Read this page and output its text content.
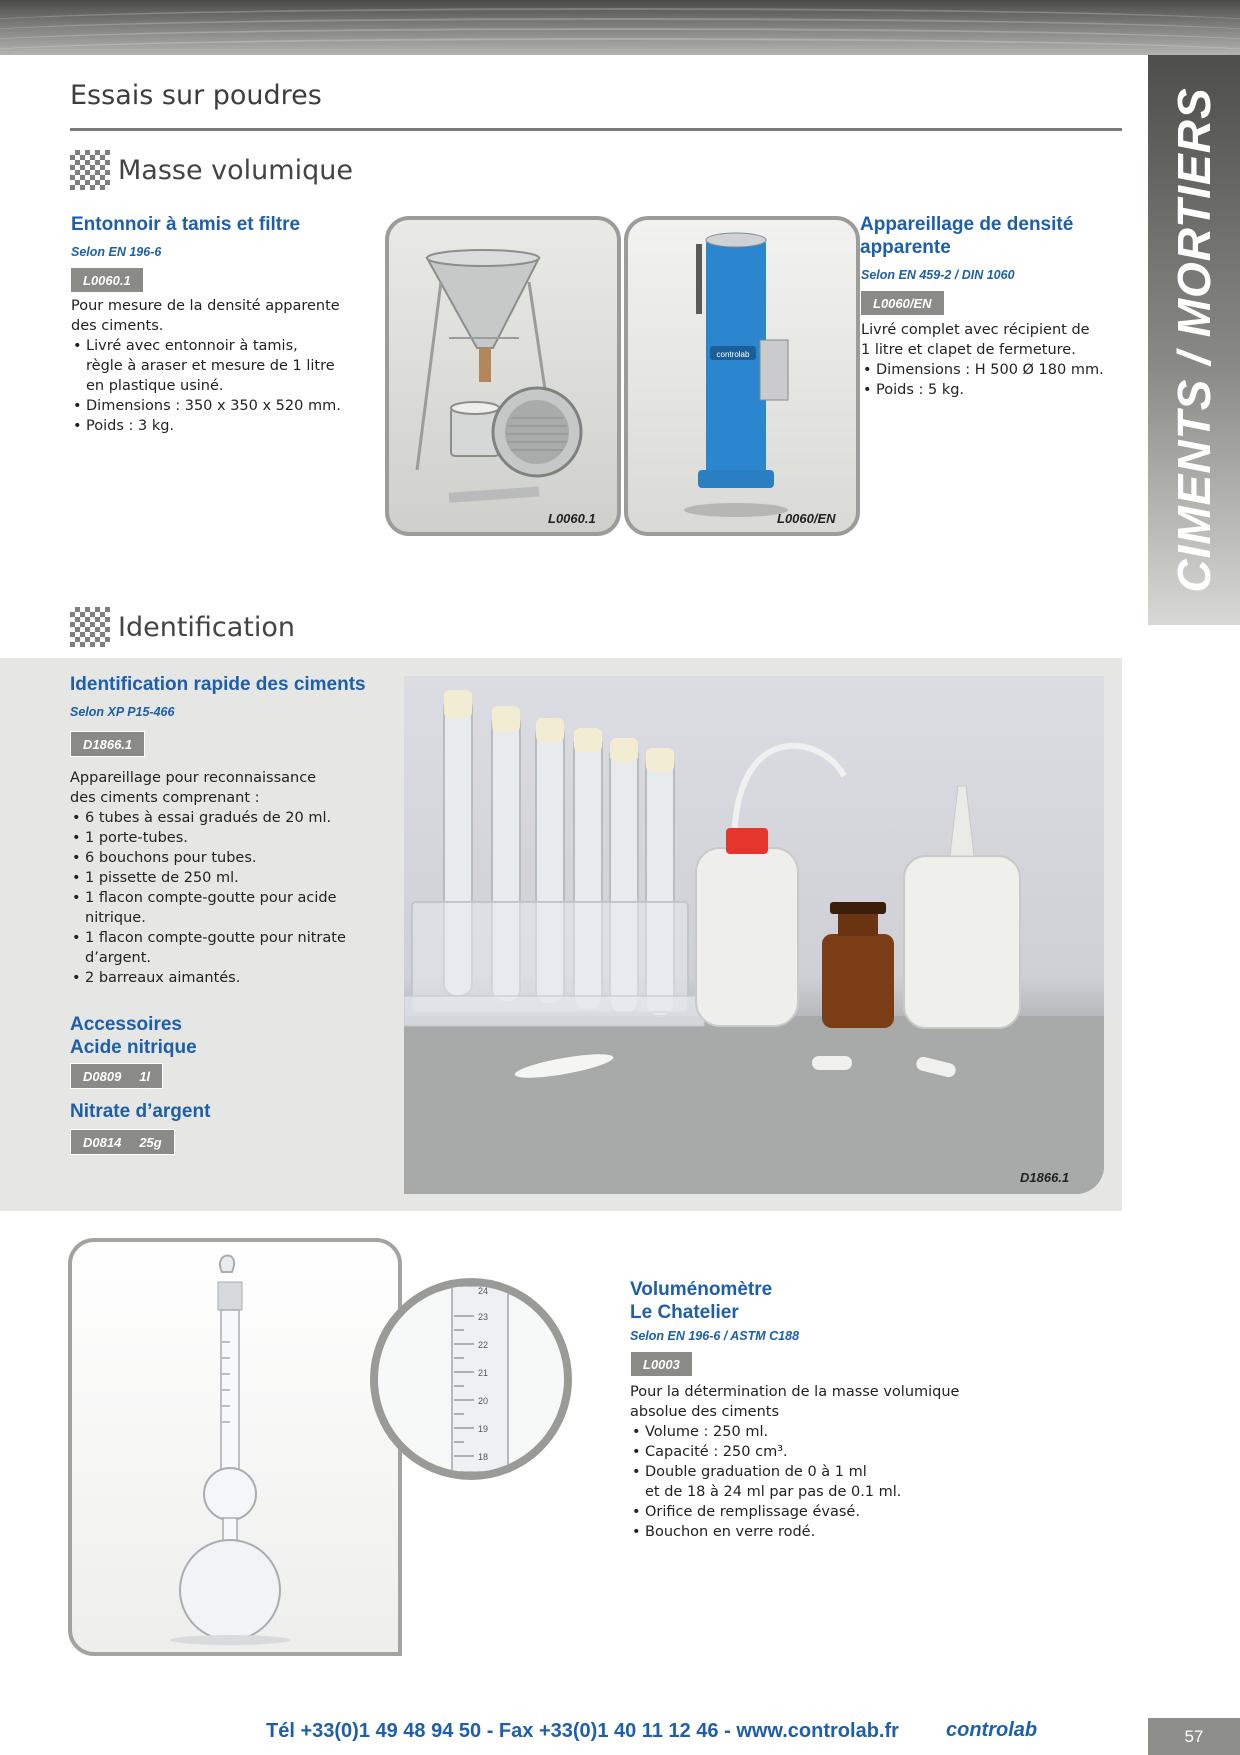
CIMENTS / MORTIERS
Essais sur poudres
Masse volumique
Entonnoir à tamis et filtre
Selon EN 196-6
L0060.1

Pour mesure de la densité apparente

des ciments.

• Livré avec entonnoir à tamis,
règle à araser et mesure de 1 litre
en plastique usiné.
• Dimensions : 350 x 350 x 520 mm.
• Poids : 3 kg.
L0060.1
controlab
L0060/EN
Appareillage de densité
apparente
Selon EN 459-2 / DIN 1060
L0060/EN

Livré complet avec récipient de

1 litre et clapet de fermeture.

• Dimensions : H 500 Ø 180 mm.
• Poids : 5 kg.
Identification
Identification rapide des ciments
Selon XP P15-466
D1866.1

Appareillage pour reconnaissance

des ciments comprenant :

• 6 tubes à essai gradués de 20 ml.
• 1 porte-tubes.
• 6 bouchons pour tubes.
• 1 pissette de 250 ml.
• 1 flacon compte-goutte pour acide
nitrique.
• 1 flacon compte-goutte pour nitrate
d’argent.
• 2 barreaux aimantés.
Accessoires
Acide nitrique
D0809 1l
Nitrate d’argent
D0814 25g
D1866.1
24
23
22
21
20
19
18
Voluménomètre
Le Chatelier
Selon EN 196-6 / ASTM C188
L0003

Pour la détermination de la masse volumique

absolue des ciments

• Volume : 250 ml.
• Capacité : 250 cm³.
• Double graduation de 0 à 1 ml
et de 18 à 24 ml par pas de 0.1 ml.
• Orifice de remplissage évasé.
• Bouchon en verre rodé.
Tél +33(0)1 49 48 94 50 - Fax +33(0)1 40 11 12 46 - www.controlab.fr controlab	57
